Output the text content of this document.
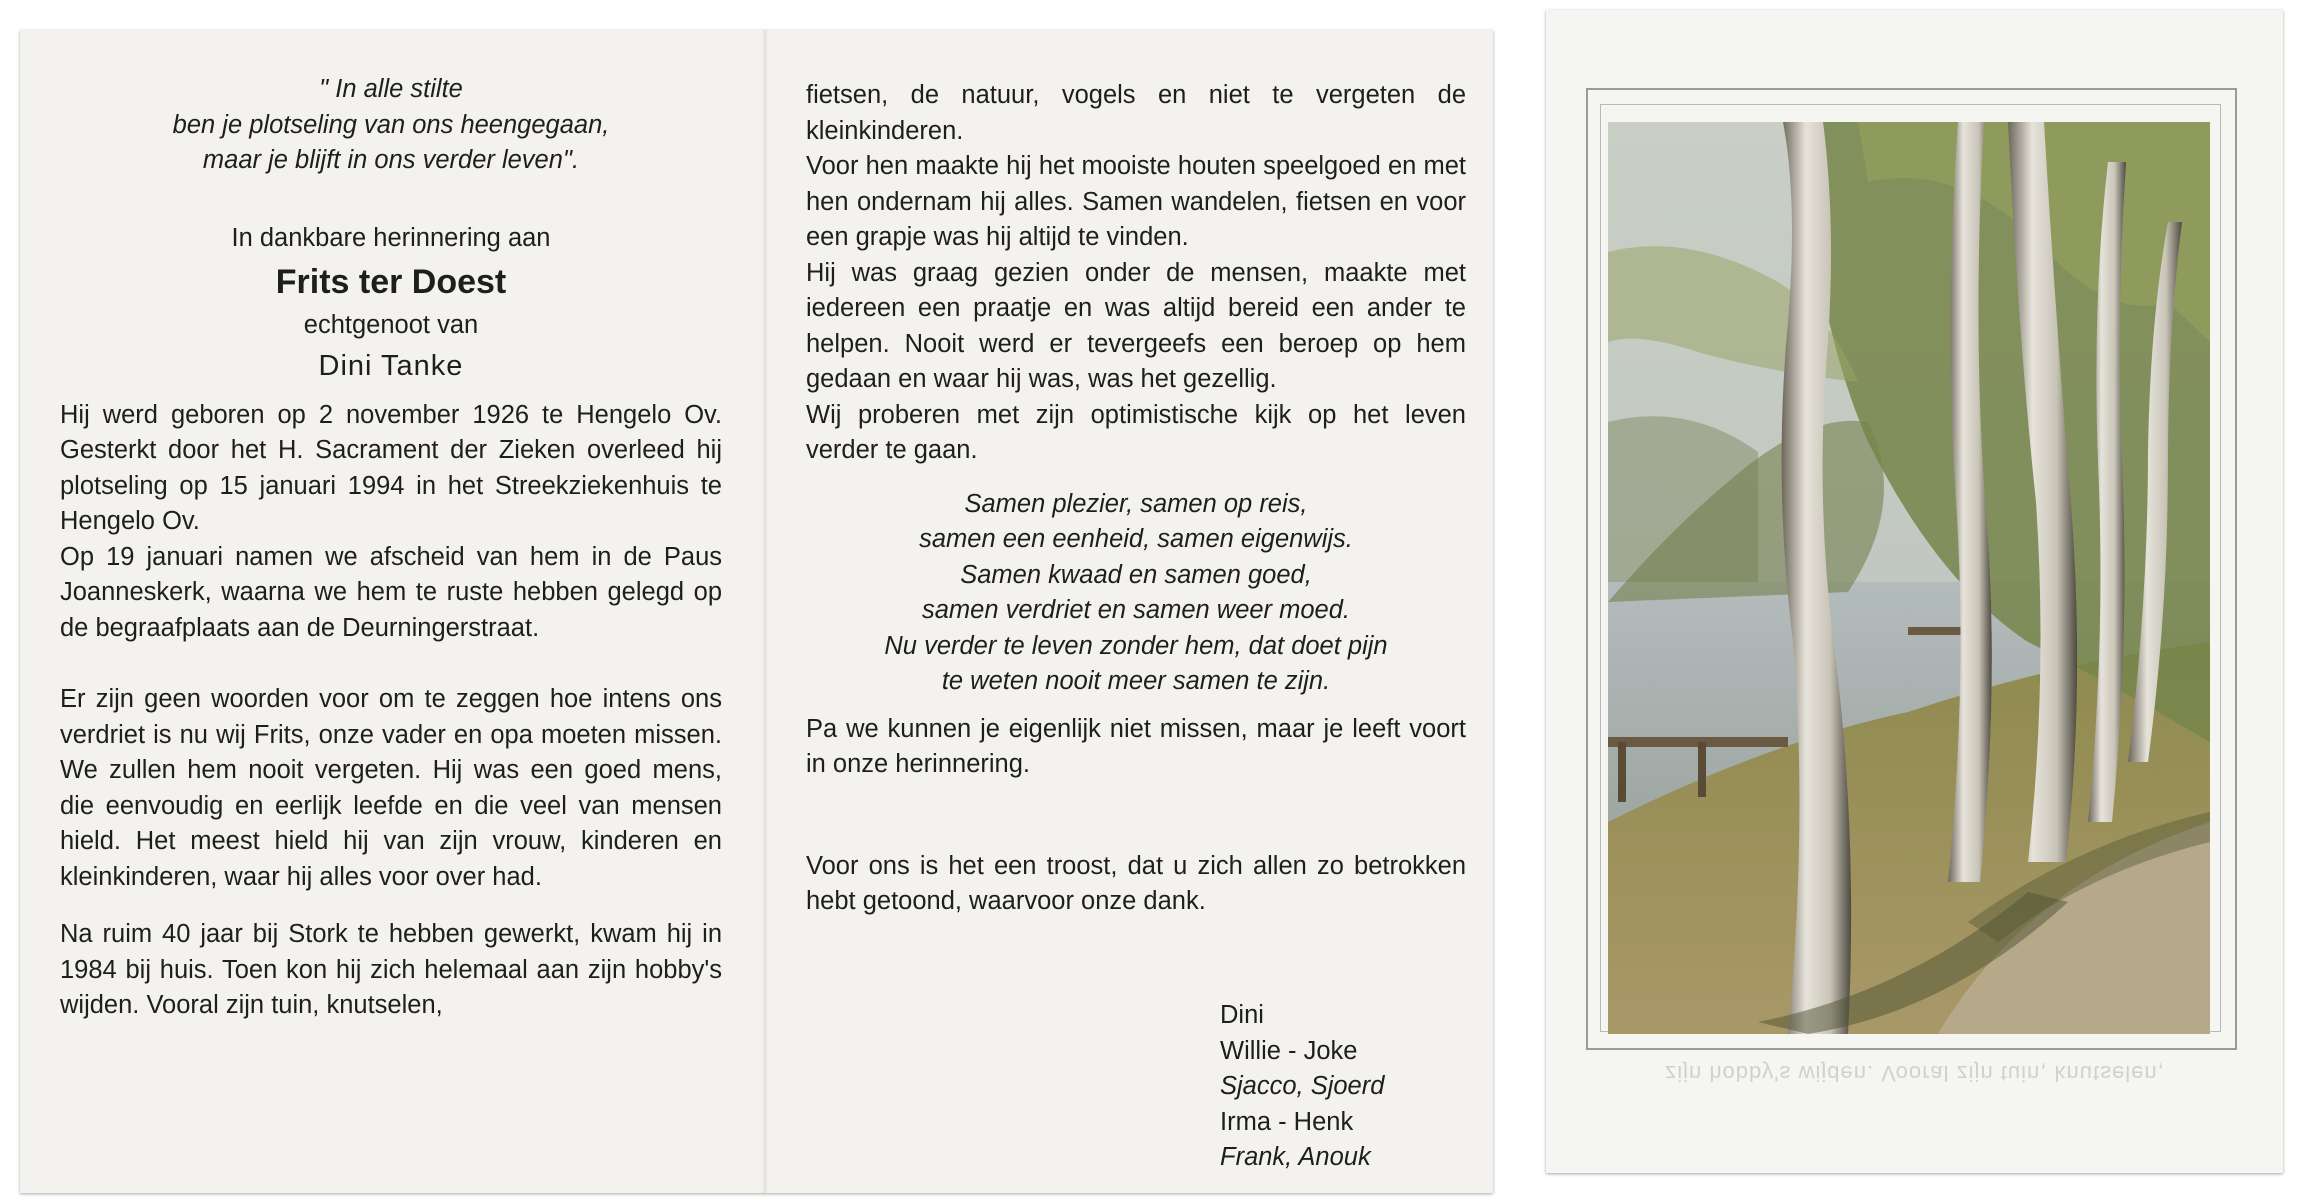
" In alle stilte

ben je plotseling van ons heengegaan,

maar je blijft in ons verder leven".

In dankbare herinnering aan

Frits ter Doest

echtgenoot van

Dini Tanke

Hij werd geboren op 2 november 1926 te Hengelo Ov. Gesterkt door het H. Sacrament der Zieken overleed hij plotseling op 15 januari 1994 in het Streekziekenhuis te Hengelo Ov.

Op 19 januari namen we afscheid van hem in de Paus Joanneskerk, waarna we hem te ruste hebben gelegd op de begraafplaats aan de Deurningerstraat.

Er zijn geen woorden voor om te zeggen hoe intens ons verdriet is nu wij Frits, onze vader en opa moeten missen. We zullen hem nooit vergeten. Hij was een goed mens, die eenvoudig en eerlijk leefde en die veel van mensen hield. Het meest hield hij van zijn vrouw, kinderen en kleinkinderen, waar hij alles voor over had.

Na ruim 40 jaar bij Stork te hebben gewerkt, kwam hij in 1984 bij huis. Toen kon hij zich helemaal aan zijn hobby's wijden. Vooral zijn tuin, knutselen,

fietsen, de natuur, vogels en niet te vergeten de kleinkinderen.

Voor hen maakte hij het mooiste houten speelgoed en met hen ondernam hij alles. Samen wandelen, fietsen en voor een grapje was hij altijd te vinden.

Hij was graag gezien onder de mensen, maakte met iedereen een praatje en was altijd bereid een ander te helpen. Nooit werd er tevergeefs een beroep op hem gedaan en waar hij was, was het gezellig.

Wij proberen met zijn optimistische kijk op het leven verder te gaan.

Samen plezier, samen op reis,

samen een eenheid, samen eigenwijs.

Samen kwaad en samen goed,

samen verdriet en samen weer moed.

Nu verder te leven zonder hem, dat doet pijn

te weten nooit meer samen te zijn.

Pa we kunnen je eigenlijk niet missen, maar je leeft voort in onze herinnering.

Voor ons is het een troost, dat u zich allen zo betrokken hebt getoond, waarvoor onze dank.

Dini

Willie - Joke

Sjacco, Sjoerd

Irma - Henk

Frank, Anouk

zijn hobby's wijden. Vooral zijn tuin, knutselen,
